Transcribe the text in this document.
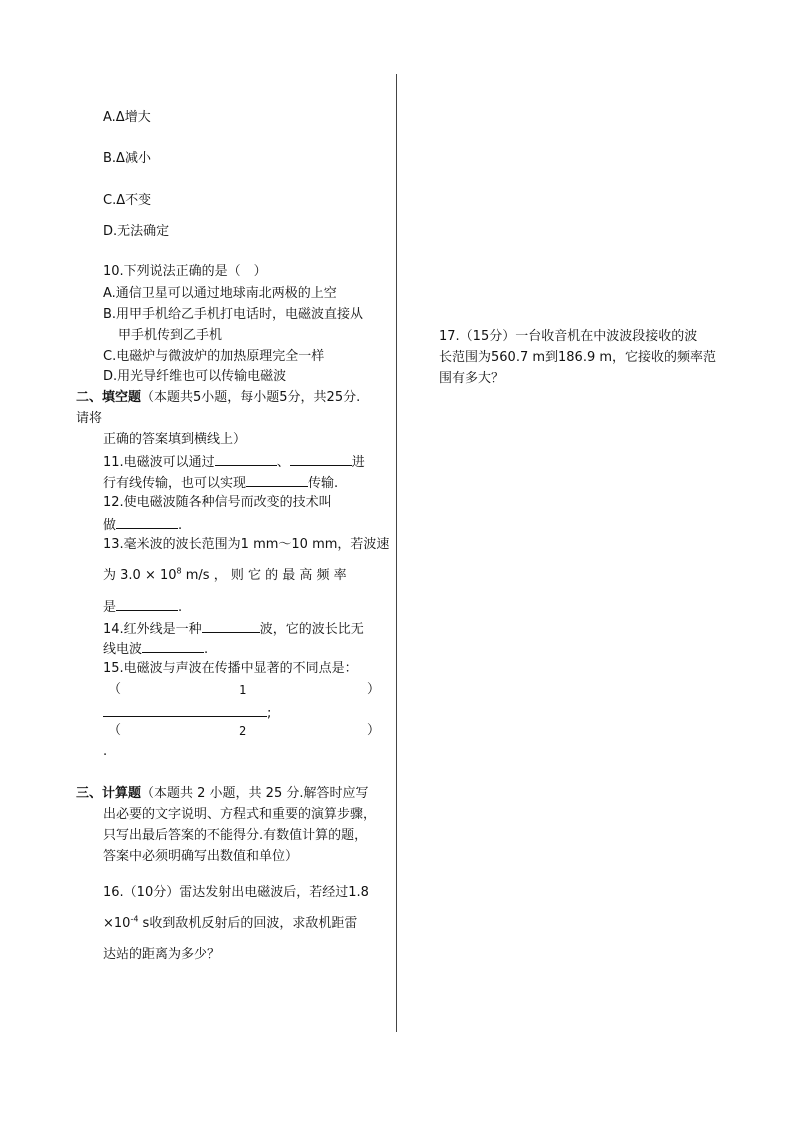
A.Δ增大
B.Δ减小
C.Δ不变
D.无法确定
10.下列说法正确的是（　）
A.通信卫星可以通过地球南北两极的上空
B.用甲手机给乙手机打电话时，电磁波直接从
甲手机传到乙手机
C.电磁炉与微波炉的加热原理完全一样
D.用光导纤维也可以传输电磁波
二、填空题（本题共5小题，每小题5分，共25分.
请将
正确的答案填到横线上）
11.电磁波可以通过	、	进
行有线传输，也可以实现	传输.
12.使电磁波随各种信号而改变的技术叫
做	.
13.毫米波的波长范围为1 mm～10 mm，若波速
为 $3.0 \times 10^8$ m/s ， 则 它 的 最 高 频 率
是	.
14.红外线是一种	波，它的波长比无
线电波	.
15.电磁波与声波在传播中显著的不同点是：
（	1	）
;
（	2	）
.
三、计算题（本题共 2 小题，共 25 分.解答时应写
出必要的文字说明、方程式和重要的演算步骤，
只写出最后答案的不能得分.有数值计算的题，
答案中必须明确写出数值和单位）
16.（10分）雷达发射出电磁波后，若经过1.8
$\times 10^{-4}$ s收到敌机反射后的回波，求敌机距雷
达站的距离为多少？
17.（15分）一台收音机在中波波段接收的波
长范围为560.7 m到186.9 m，它接收的频率范
围有多大？
